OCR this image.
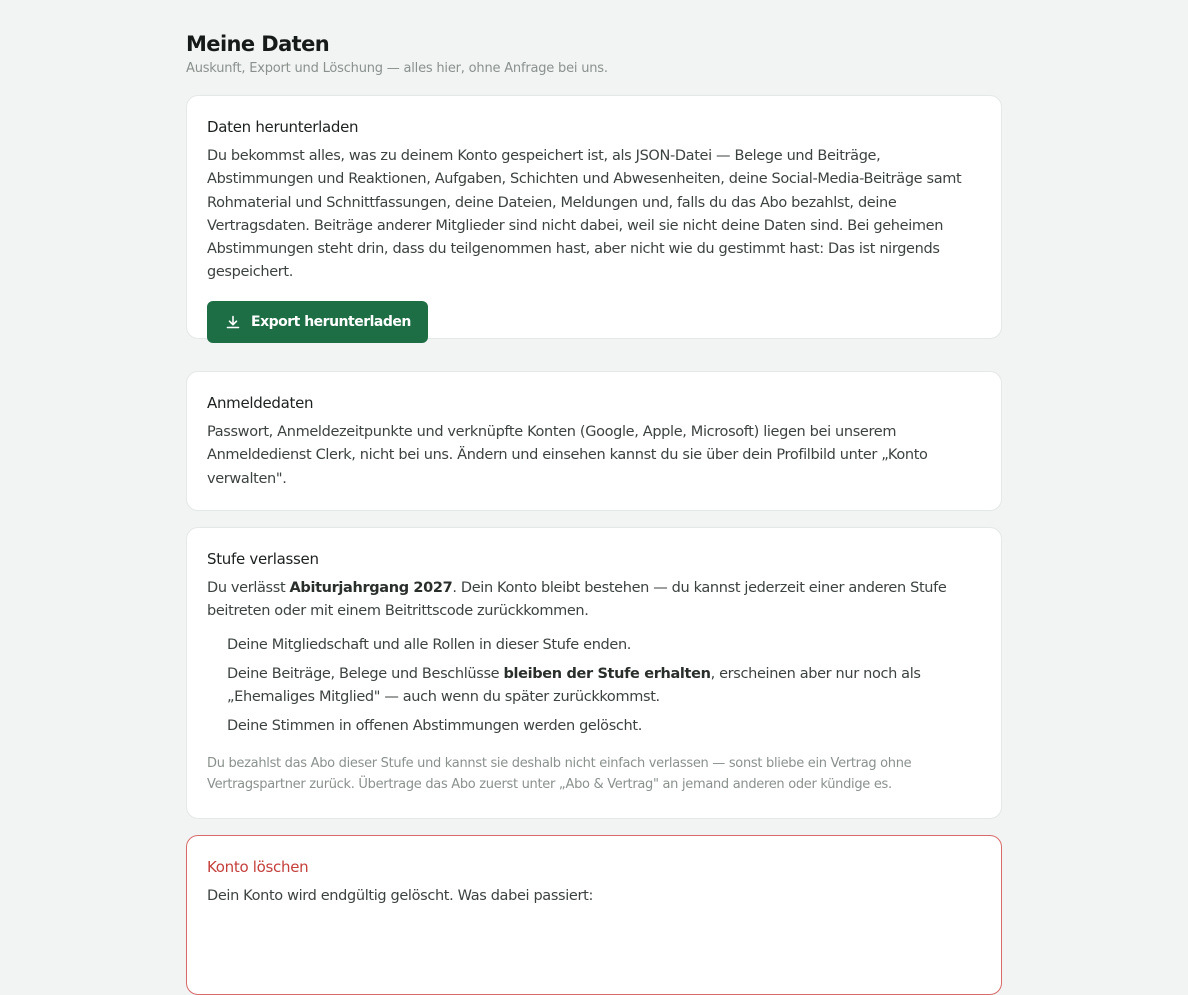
Meine Daten

Auskunft, Export und Löschung — alles hier, ohne Anfrage bei uns.

Daten herunterladen

Du bekommst alles, was zu deinem Konto gespeichert ist, als JSON-Datei — Belege und Beiträge, Abstimmungen und Reaktionen, Aufgaben, Schichten und Abwesenheiten, deine Social-Media-Beiträge samt Rohmaterial und Schnittfassungen, deine Dateien, Meldungen und, falls du das Abo bezahlst, deine Vertragsdaten. Beiträge anderer Mitglieder sind nicht dabei, weil sie nicht deine Daten sind. Bei geheimen Abstimmungen steht drin, dass du teilgenommen hast, aber nicht wie du gestimmt hast: Das ist nirgends gespeichert.

Export herunterladen
Anmeldedaten

Passwort, Anmeldezeitpunkte und verknüpfte Konten (Google, Apple, Microsoft) liegen bei unserem Anmeldedienst Clerk, nicht bei uns. Ändern und einsehen kannst du sie über dein Profilbild unter „Konto verwalten".

Stufe verlassen

Du verlässt Abiturjahrgang 2027. Dein Konto bleibt bestehen — du kannst jederzeit einer anderen Stufe beitreten oder mit einem Beitrittscode zurückkommen.

Deine Mitgliedschaft und alle Rollen in dieser Stufe enden.
Deine Beiträge, Belege und Beschlüsse bleiben der Stufe erhalten, erscheinen aber nur noch als „Ehemaliges Mitglied" — auch wenn du später zurückkommst.
Deine Stimmen in offenen Abstimmungen werden gelöscht.

Du bezahlst das Abo dieser Stufe und kannst sie deshalb nicht einfach verlassen — sonst bliebe ein Vertrag ohne Vertragspartner zurück. Übertrage das Abo zuerst unter „Abo & Vertrag" an jemand anderen oder kündige es.

Konto löschen

Dein Konto wird endgültig gelöscht. Was dabei passiert:
